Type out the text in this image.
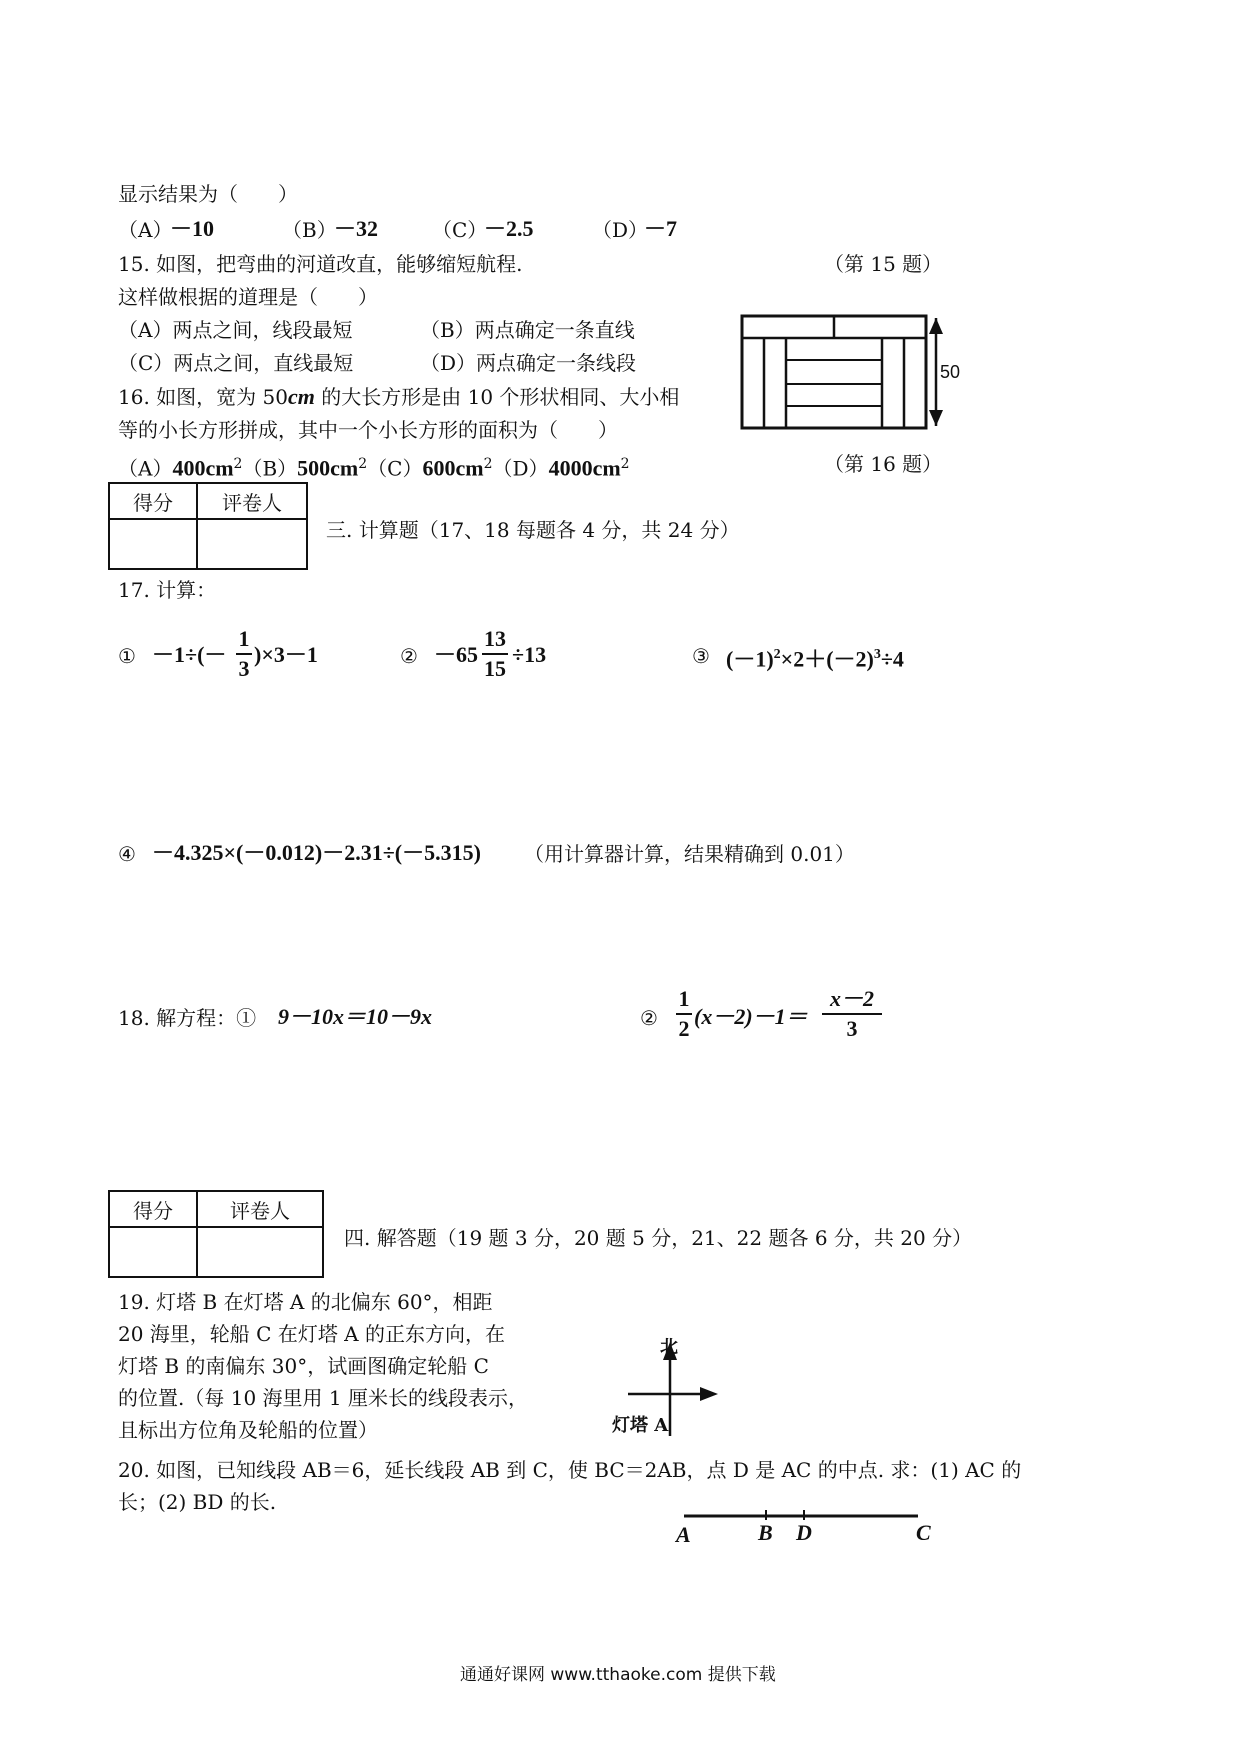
显示结果为（　　）
（A）
－10	（B）
－32	（C）
－2.5	（D）
－7
15. 如图，把弯曲的河道改直，能够缩短航程.	（第 15 题）
这样做根据的道理是（　　）
（A）两点之间，线段最短	（B）两点确定一条直线
（C）两点之间，直线最短	（D）两点确定一条线段	50
16. 如图，宽为 50cm 的大长方形是由 10 个形状相同、大小相
等的小长方形拼成，其中一个小长方形的面积为（　　）
$(A)400cm^2(B)500cm^2(C)600cm^2(D)4000cm^2$	（第 16 题）
得分	评卷人

三. 计算题（17、18 每题各 4 分，共 24 分）
17. 计算：
① －1÷(－
1
3
)×3－1	② －65
13
15
÷13	③ $(-1)^2\times 2+(-2)^3\div 4$
④ －4.325×(－0.012)－2.31÷(－5.315) （用计算器计算，结果精确到 0.01）
18. 解方程：① 9－10x＝10－9x	②
1
2 (x－2)－1＝
x－2
3
得分	评卷人

四. 解答题（19 题 3 分，20 题 5 分，21、22 题各 6 分，共 20 分）
19. 灯塔 B 在灯塔 A 的北偏东 60°，相距
20 海里，轮船 C 在灯塔 A 的正东方向，在
灯塔 B 的南偏东 30°，试画图确定轮船 C
的位置.（每 10 海里用 1 厘米长的线段表示，
且标出方位角及轮船的位置）
北
灯塔 A
20. 如图，已知线段 AB＝6，延长线段 AB 到 C，使 BC＝2AB，点 D 是 AC 的中点. 求：(1) AC 的
长；(2) BD 的长.
A	B D	C
通通好课网 www.tthaoke.com 提供下载
